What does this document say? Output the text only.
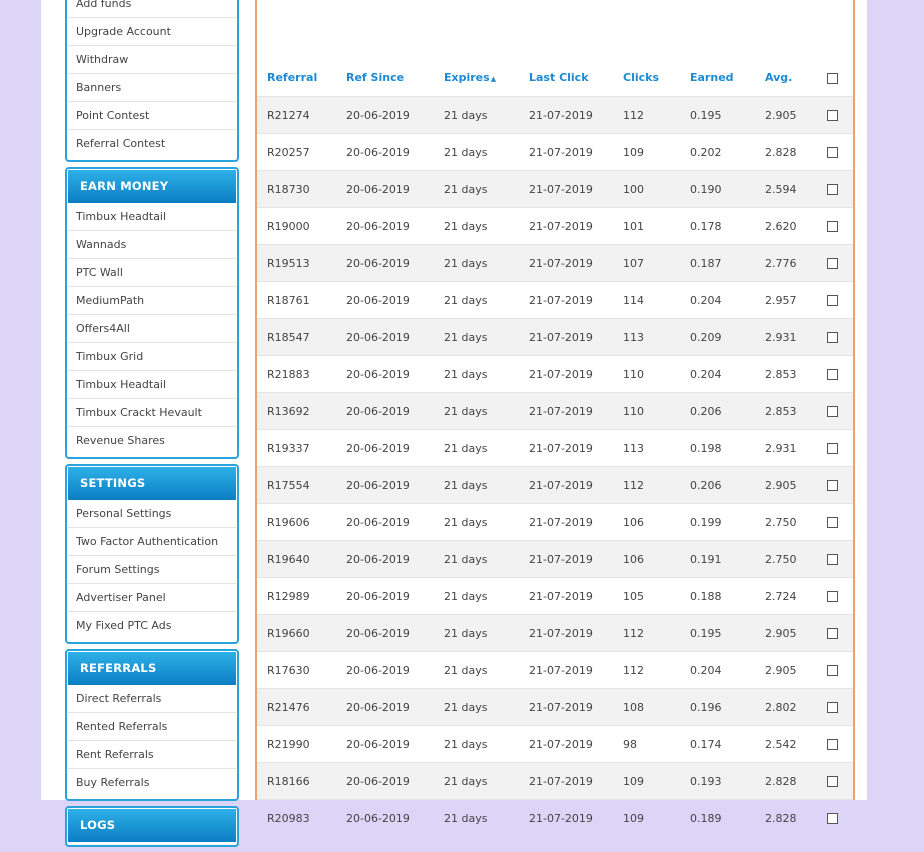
Add funds
Upgrade Account
Withdraw
Banners
Point Contest
Referral Contest
EARN MONEY
Timbux Headtail
Wannads
PTC Wall
MediumPath
Offers4All
Timbux Grid
Timbux Headtail
Timbux Crackt Hevault
Revenue Shares
SETTINGS
Personal Settings
Two Factor Authentication
Forum Settings
Advertiser Panel
My Fixed PTC Ads
REFERRALS
Direct Referrals
Rented Referrals
Rent Referrals
Buy Referrals
LOGS
Referral	Ref Since	Expires▲	Last Click	Clicks	Earned	Avg.	
R21274	20-06-2019	21 days	21-07-2019	112	0.195	2.905	
R20257	20-06-2019	21 days	21-07-2019	109	0.202	2.828	
R18730	20-06-2019	21 days	21-07-2019	100	0.190	2.594	
R19000	20-06-2019	21 days	21-07-2019	101	0.178	2.620	
R19513	20-06-2019	21 days	21-07-2019	107	0.187	2.776	
R18761	20-06-2019	21 days	21-07-2019	114	0.204	2.957	
R18547	20-06-2019	21 days	21-07-2019	113	0.209	2.931	
R21883	20-06-2019	21 days	21-07-2019	110	0.204	2.853	
R13692	20-06-2019	21 days	21-07-2019	110	0.206	2.853	
R19337	20-06-2019	21 days	21-07-2019	113	0.198	2.931	
R17554	20-06-2019	21 days	21-07-2019	112	0.206	2.905	
R19606	20-06-2019	21 days	21-07-2019	106	0.199	2.750	
R19640	20-06-2019	21 days	21-07-2019	106	0.191	2.750	
R12989	20-06-2019	21 days	21-07-2019	105	0.188	2.724	
R19660	20-06-2019	21 days	21-07-2019	112	0.195	2.905	
R17630	20-06-2019	21 days	21-07-2019	112	0.204	2.905	
R21476	20-06-2019	21 days	21-07-2019	108	0.196	2.802	
R21990	20-06-2019	21 days	21-07-2019	98	0.174	2.542	
R18166	20-06-2019	21 days	21-07-2019	109	0.193	2.828	
R20983	20-06-2019	21 days	21-07-2019	109	0.189	2.828	
